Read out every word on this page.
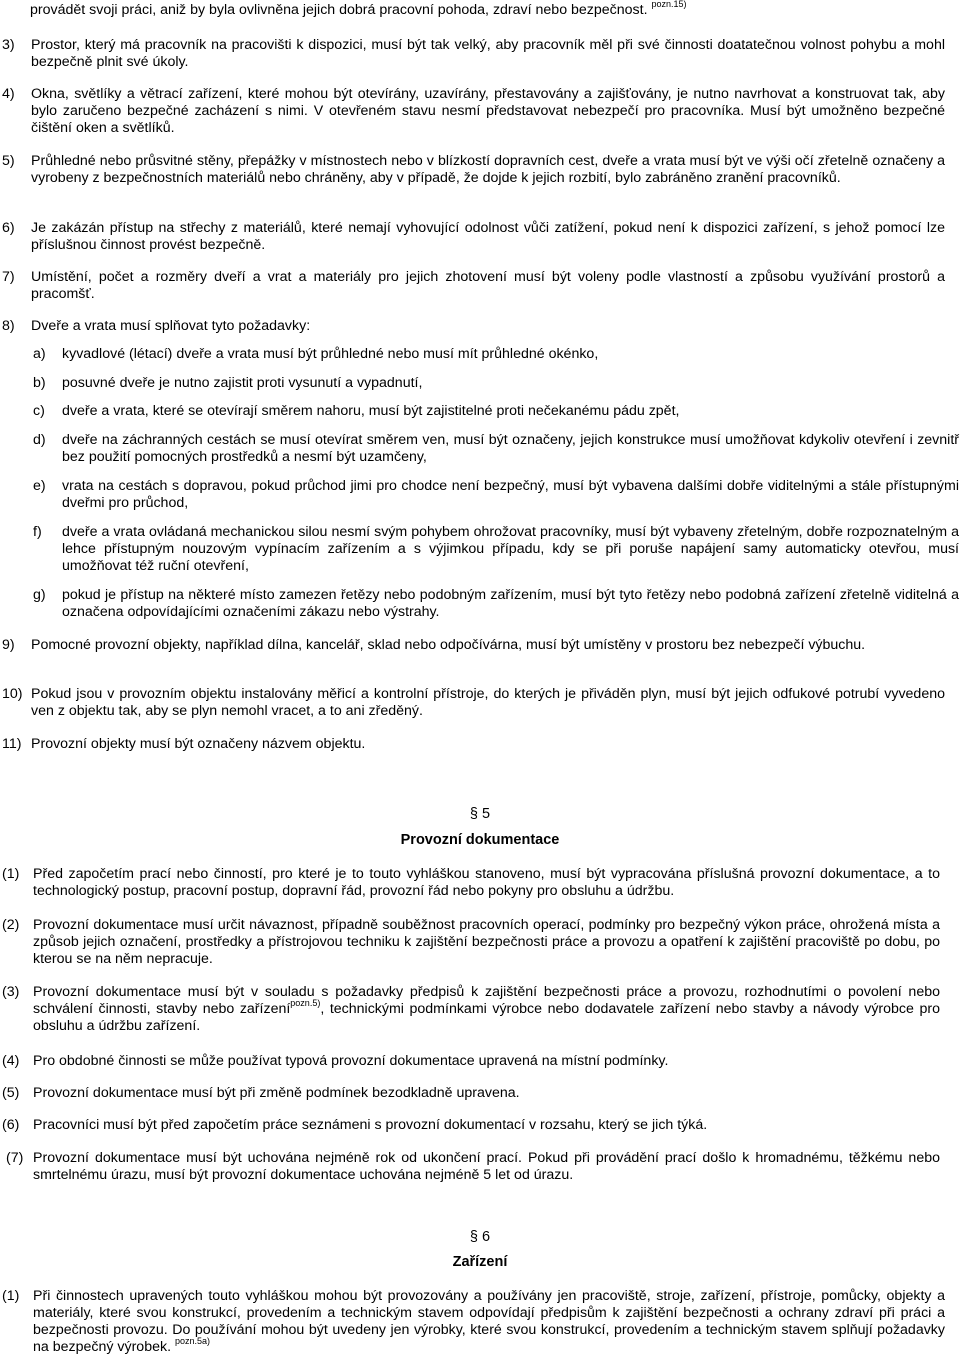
provádět svoji práci, aniž by byla ovlivněna jejich dobrá pracovní pohoda, zdraví nebo bezpečnost. $^{pozn.15)}$
3)	Prostor, který má pracovník na pracovišti k dispozici, musí být tak velký, aby pracovník měl při své činnosti doatatečnou volnost pohybu a mohl bezpečně plnit své úkoly.
4)	Okna, světlíky a větrací zařízení, které mohou být otevírány, uzavírány, přestavovány a zajišťovány, je nutno navrhovat a konstruovat tak, aby bylo zaručeno bezpečné zacházení s nimi. V otevřeném stavu nesmí představovat nebezpečí pro pracovníka. Musí být umožněno bezpečné čištění oken a světlíků.
5)	Průhledné nebo průsvitné stěny, přepážky v místnostech nebo v blízkostí dopravních cest, dveře a vrata musí být ve výši očí zřetelně označeny a vyrobeny z bezpečnostních materiálů nebo chráněny, aby v případě, že dojde k jejich rozbití, bylo zabráněno zranění pracovníků.
6)	Je zakázán přístup na střechy z materiálů, které nemají vyhovující odolnost vůči zatížení, pokud není k dispozici zařízení, s jehož pomocí lze příslušnou činnost provést bezpečně.
7)	Umístění, počet a rozměry dveří a vrat a materiály pro jejich zhotovení musí být voleny podle vlastností a způsobu využívání prostorů a pracomšť.
8)	Dveře a vrata musí splňovat tyto požadavky:
a)	kyvadlové (létací) dveře a vrata musí být průhledné nebo musí mít průhledné okénko,
b)	posuvné dveře je nutno zajistit proti vysunutí a vypadnutí,
c)	dveře a vrata, které se otevírají směrem nahoru, musí být zajistitelné proti nečekanému pádu zpět,
d)	dveře na záchranných cestách se musí otevírat směrem ven, musí být označeny, jejich konstrukce musí umožňovat kdykoliv otevření i zevnitř bez použití pomocných prostředků a nesmí být uzamčeny,
e)	vrata na cestách s dopravou, pokud průchod jimi pro chodce není bezpečný, musí být vybavena dalšími dobře viditelnými a stále přístupnými dveřmi pro průchod,
f)	dveře a vrata ovládaná mechanickou silou nesmí svým pohybem ohrožovat pracovníky, musí být vybaveny zřetelným, dobře rozpoznatelným a lehce přístupným nouzovým vypínacím zařízením a s výjimkou případu, kdy se při poruše napájení samy automaticky otevřou, musí umožňovat též ruční otevření,
g)	pokud je přístup na některé místo zamezen řetězy nebo podobným zařízením, musí být tyto řetězy nebo podobná zařízení zřetelně viditelná a označena odpovídajícími označeními zákazu nebo výstrahy.
9)	Pomocné provozní objekty, například dílna, kancelář, sklad nebo odpočívárna, musí být umístěny v prostoru bez nebezpečí výbuchu.
10) Pokud jsou v provozním objektu instalovány měřicí a kontrolní přístroje, do kterých je přiváděn plyn, musí být jejich odfukové potrubí vyvedeno ven z objektu tak, aby se plyn nemohl vracet, a to ani zředěný.
11) Provozní objekty musí být označeny názvem objektu.
§ 5
Provozní dokumentace
(1) Před započetím prací nebo činností, pro které je to touto vyhláškou stanoveno, musí být vypracována příslušná provozní dokumentace, a to technologický postup, pracovní postup, dopravní řád, provozní řád nebo pokyny pro obsluhu a údržbu.
(2) Provozní dokumentace musí určit návaznost, případně souběžnost pracovních operací, podmínky pro bezpečný výkon práce, ohrožená místa a způsob jejich označení, prostředky a přístrojovou techniku k zajištění bezpečnosti práce a provozu a opatření k zajištění pracoviště po dobu, po kterou se na něm nepracuje.
(3) Provozní dokumentace musí být v souladu s požadavky předpisů k zajištění bezpečnosti práce a provozu, rozhodnutími o povolení nebo schválení činnosti, stavby nebo zařízení$^{pozn.5)}$, technickými podmínkami výrobce nebo dodavatele zařízení nebo stavby a návody výrobce pro obsluhu a údržbu zařízení.
(4) Pro obdobné činnosti se může používat typová provozní dokumentace upravená na místní podmínky.
(5) Provozní dokumentace musí být při změně podmínek bezodkladně upravena.
(6) Pracovníci musí být před započetím práce seznámeni s provozní dokumentací v rozsahu, který se jich týká.
(7) Provozní dokumentace musí být uchována nejméně rok od ukončení prací. Pokud při provádění prací došlo k hromadnému, těžkému nebo smrtelnému úrazu, musí být provozní dokumentace uchována nejméně 5 let od úrazu.
§ 6
Zařízení
(1) Při činnostech upravených touto vyhláškou mohou být provozovány a používány jen pracoviště, stroje, zařízení, přístroje, pomůcky, objekty a materiály, které svou konstrukcí, provedením a technickým stavem odpovídají předpisům k zajištění bezpečnosti a ochrany zdraví při práci a bezpečnosti provozu. Do používání mohou být uvedeny jen výrobky, které svou konstrukcí, provedením a technickým stavem splňují požadavky na bezpečný výrobek. $^{pozn.5a)}$
